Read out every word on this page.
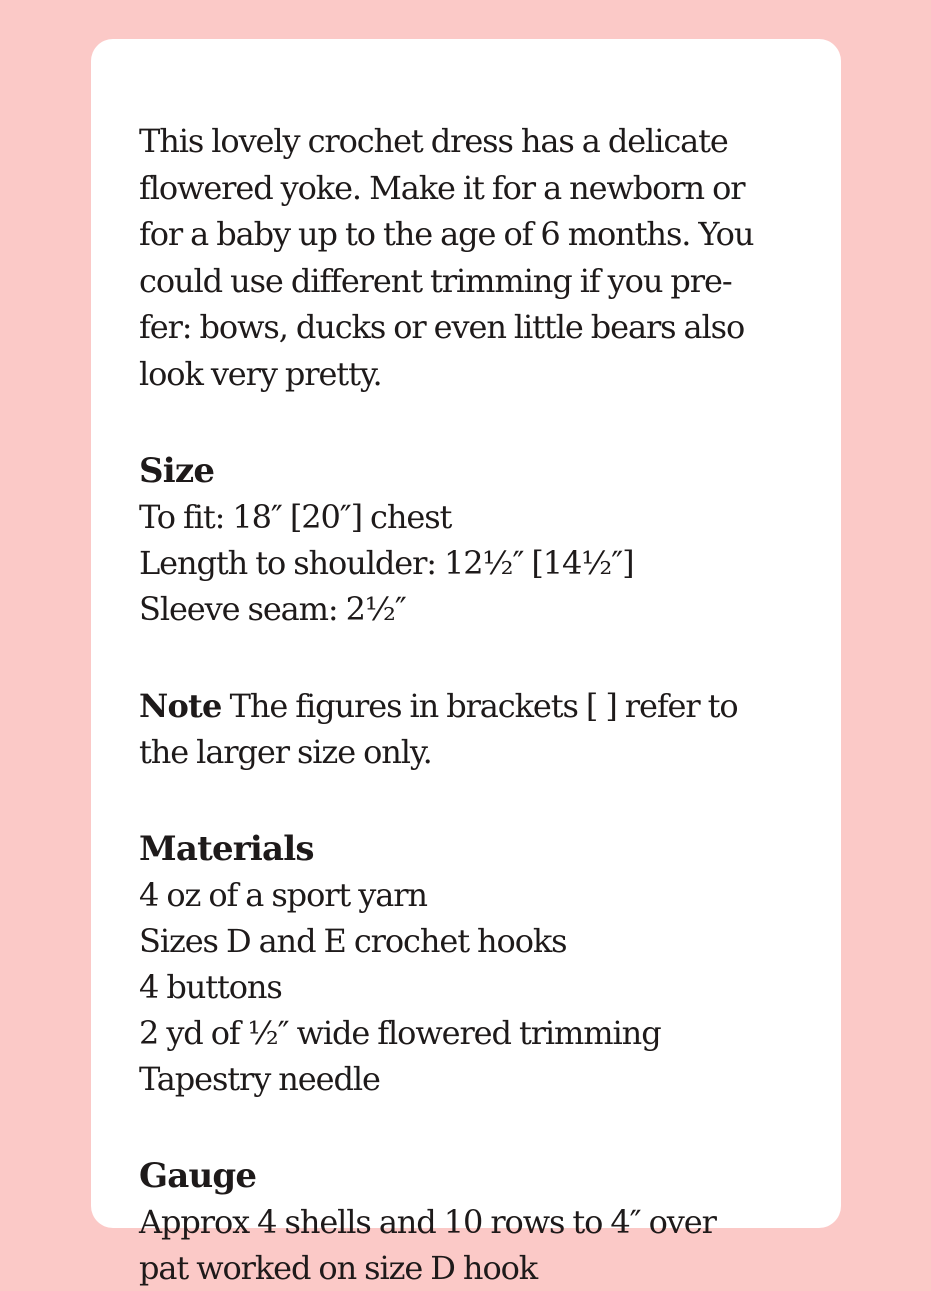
This lovely crochet dress has a delicate

flowered yoke. Make it for a newborn or

for a baby up to the age of 6 months. You

could use different trimming if you pre-

fer: bows, ducks or even little bears also

look very pretty.

Size

To fit: 18″ [20″] chest

Length to shoulder: 12½″ [14½″]

Sleeve seam: 2½″

Note The figures in brackets [ ] refer to

the larger size only.

Materials

4 oz of a sport yarn

Sizes D and E crochet hooks

4 buttons

2 yd of ½″ wide flowered trimming

Tapestry needle

Gauge

Approx 4 shells and 10 rows to 4″ over

pat worked on size D hook
